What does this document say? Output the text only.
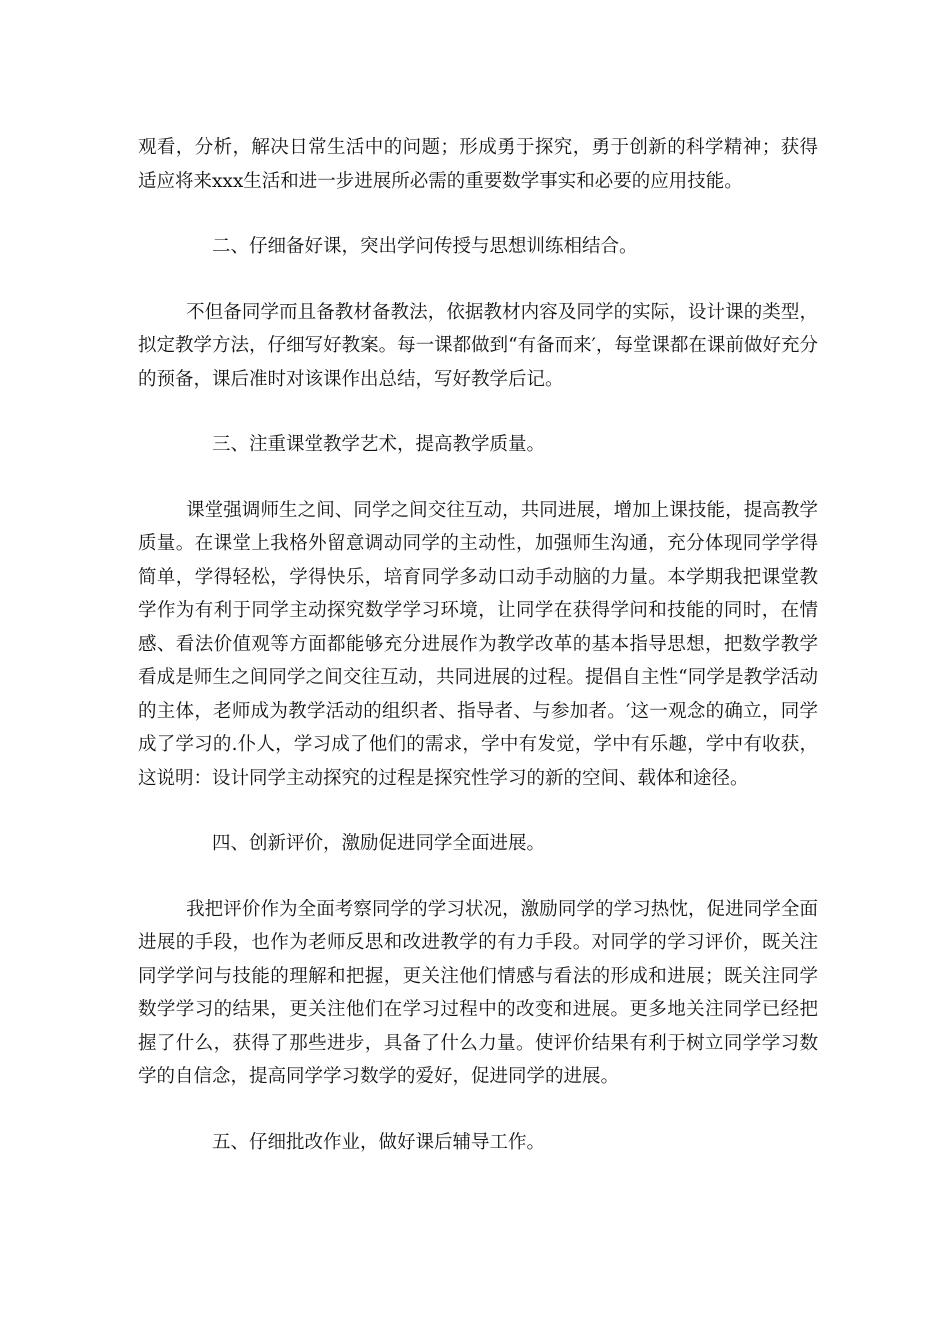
观看，分析，解决日常生活中的问题；形成勇于探究，勇于创新的科学精神；获得适应将来xxx生活和进一步进展所必需的重要数学事实和必要的应用技能。

二、仔细备好课，突出学问传授与思想训练相结合。

不但备同学而且备教材备教法，依据教材内容及同学的实际，设计课的类型，拟定教学方法，仔细写好教案。每一课都做到“有备而来′，每堂课都在课前做好充分的预备，课后准时对该课作出总结，写好教学后记。

三、注重课堂教学艺术，提高教学质量。

课堂强调师生之间、同学之间交往互动，共同进展，增加上课技能，提高教学质量。在课堂上我格外留意调动同学的主动性，加强师生沟通，充分体现同学学得简单，学得轻松，学得快乐，培育同学多动口动手动脑的力量。本学期我把课堂教学作为有利于同学主动探究数学学习环境，让同学在获得学问和技能的同时，在情感、看法价值观等方面都能够充分进展作为教学改革的基本指导思想，把数学教学看成是师生之间同学之间交往互动，共同进展的过程。提倡自主性“同学是教学活动的主体，老师成为教学活动的组织者、指导者、与参加者。′这一观念的确立，同学成了学习的.仆人，学习成了他们的需求，学中有发觉，学中有乐趣，学中有收获，这说明：设计同学主动探究的过程是探究性学习的新的空间、载体和途径。

四、创新评价，激励促进同学全面进展。

我把评价作为全面考察同学的学习状况，激励同学的学习热忱，促进同学全面进展的手段，也作为老师反思和改进教学的有力手段。对同学的学习评价，既关注同学学问与技能的理解和把握，更关注他们情感与看法的形成和进展；既关注同学数学学习的结果，更关注他们在学习过程中的改变和进展。更多地关注同学已经把握了什么，获得了那些进步，具备了什么力量。使评价结果有利于树立同学学习数学的自信念，提高同学学习数学的爱好，促进同学的进展。

五、仔细批改作业，做好课后辅导工作。
